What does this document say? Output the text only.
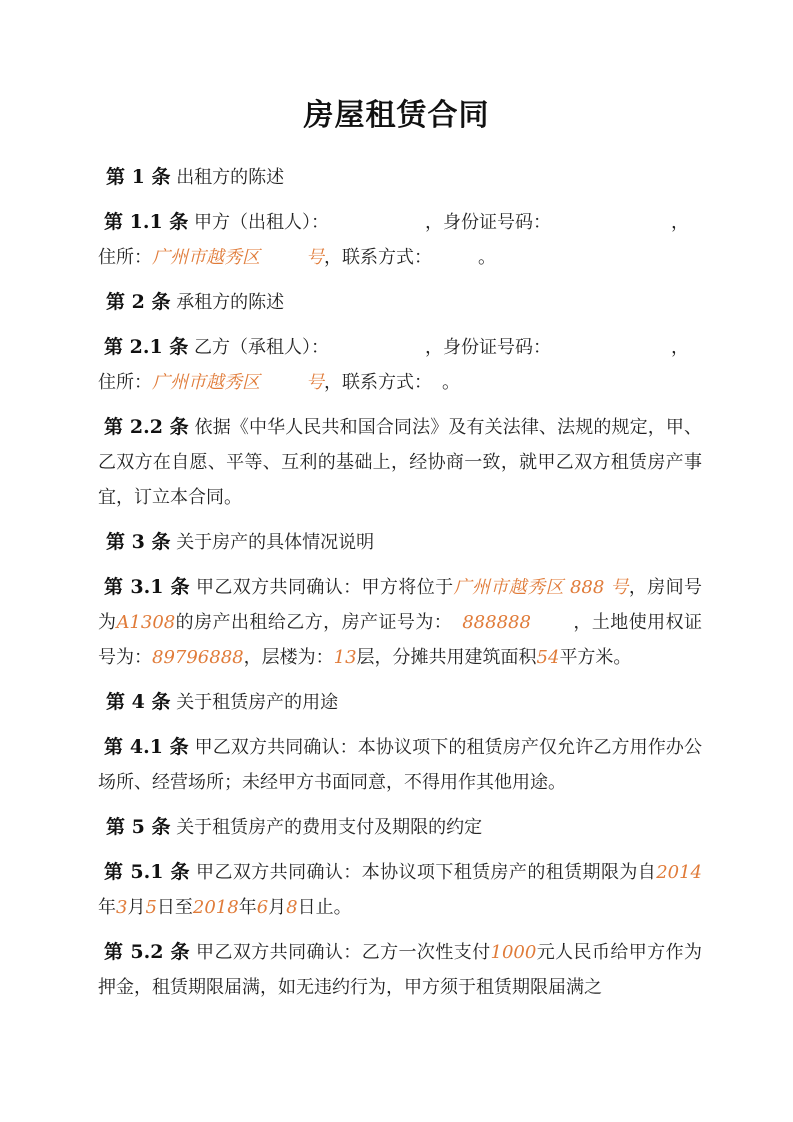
房屋租赁合同
第 1 条 出租方的陈述
第 1.1 条 甲方（出租人）：	，身份证号码：	，
住所：广州市越秀区	号，联系方式：	。
第 2 条 承租方的陈述
第 2.1 条 乙方（承租人）：	，身份证号码：	，
住所：广州市越秀区	号，联系方式： 。
第 2.2 条 依据《中华人民共和国合同法》及有关法律、法规的规定，甲、乙双方在自愿、平等、互利的基础上，经协商一致，就甲乙双方租赁房产事宜，订立本合同。
第 3 条 关于房产的具体情况说明
第 3.1 条 甲乙双方共同确认：甲方将位于广州市越秀区 888 号，房间号为A1308的房产出租给乙方，房产证号为： 888888 ，土地使用权证号为：89796888，层楼为：13层，分摊共用建筑面积54平方米。
第 4 条 关于租赁房产的用途
第 4.1 条 甲乙双方共同确认：本协议项下的租赁房产仅允许乙方用作办公场所、经营场所；未经甲方书面同意，不得用作其他用途。
第 5 条 关于租赁房产的费用支付及期限的约定
第 5.1 条 甲乙双方共同确认：本协议项下租赁房产的租赁期限为自2014年3月5日至2018年6月8日止。
第 5.2 条 甲乙双方共同确认：乙方一次性支付1000元人民币给甲方作为押金，租赁期限届满，如无违约行为，甲方须于租赁期限届满之
